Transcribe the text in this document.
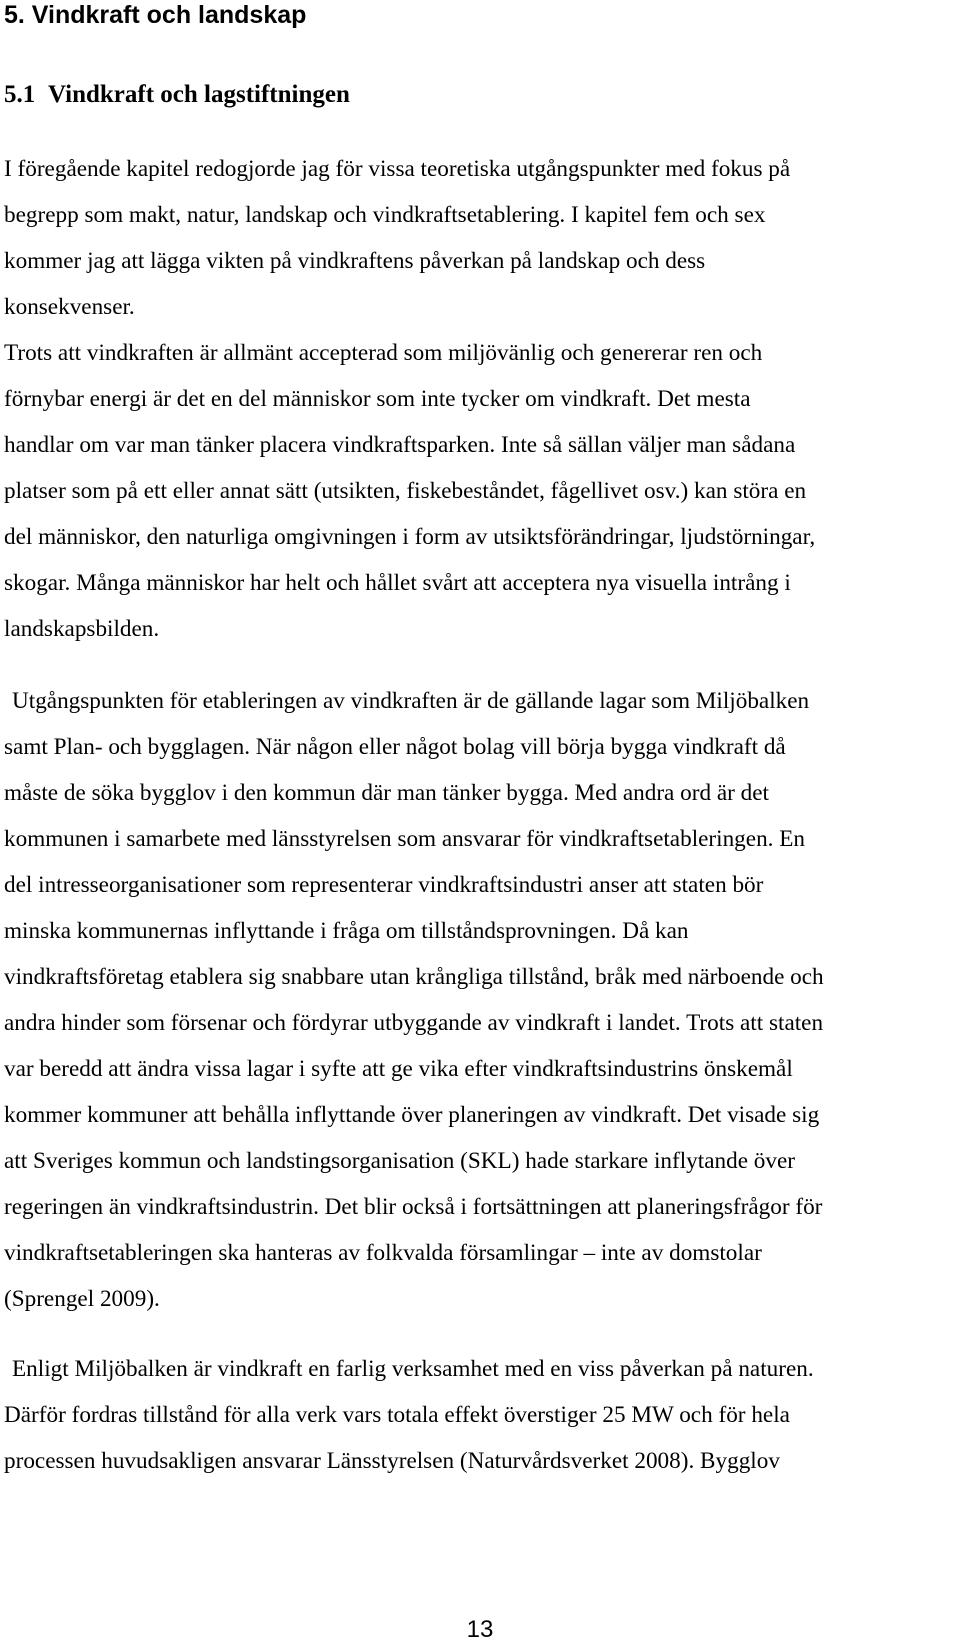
5. Vindkraft och landskap
5.1 Vindkraft och lagstiftningen
I föregående kapitel redogjorde jag för vissa teoretiska utgångspunkter med fokus på
begrepp som makt, natur, landskap och vindkraftsetablering. I kapitel fem och sex
kommer jag att lägga vikten på vindkraftens påverkan på landskap och dess
konsekvenser.
Trots att vindkraften är allmänt accepterad som miljövänlig och genererar ren och
förnybar energi är det en del människor som inte tycker om vindkraft. Det mesta
handlar om var man tänker placera vindkraftsparken. Inte så sällan väljer man sådana
platser som på ett eller annat sätt (utsikten, fiskebeståndet, fågellivet osv.) kan störa en
del människor, den naturliga omgivningen i form av utsiktsförändringar, ljudstörningar,
skogar. Många människor har helt och hållet svårt att acceptera nya visuella intrång i
landskapsbilden.
Utgångspunkten för etableringen av vindkraften är de gällande lagar som Miljöbalken
samt Plan- och bygglagen. När någon eller något bolag vill börja bygga vindkraft då
måste de söka bygglov i den kommun där man tänker bygga. Med andra ord är det
kommunen i samarbete med länsstyrelsen som ansvarar för vindkraftsetableringen. En
del intresseorganisationer som representerar vindkraftsindustri anser att staten bör
minska kommunernas inflyttande i fråga om tillståndsprovningen. Då kan
vindkraftsföretag etablera sig snabbare utan krångliga tillstånd, bråk med närboende och
andra hinder som försenar och fördyrar utbyggande av vindkraft i landet. Trots att staten
var beredd att ändra vissa lagar i syfte att ge vika efter vindkraftsindustrins önskemål
kommer kommuner att behålla inflyttande över planeringen av vindkraft. Det visade sig
att Sveriges kommun och landstingsorganisation (SKL) hade starkare inflytande över
regeringen än vindkraftsindustrin. Det blir också i fortsättningen att planeringsfrågor för
vindkraftsetableringen ska hanteras av folkvalda församlingar – inte av domstolar
(Sprengel 2009).
Enligt Miljöbalken är vindkraft en farlig verksamhet med en viss påverkan på naturen.
Därför fordras tillstånd för alla verk vars totala effekt överstiger 25 MW och för hela
processen huvudsakligen ansvarar Länsstyrelsen (Naturvårdsverket 2008). Bygglov
13
